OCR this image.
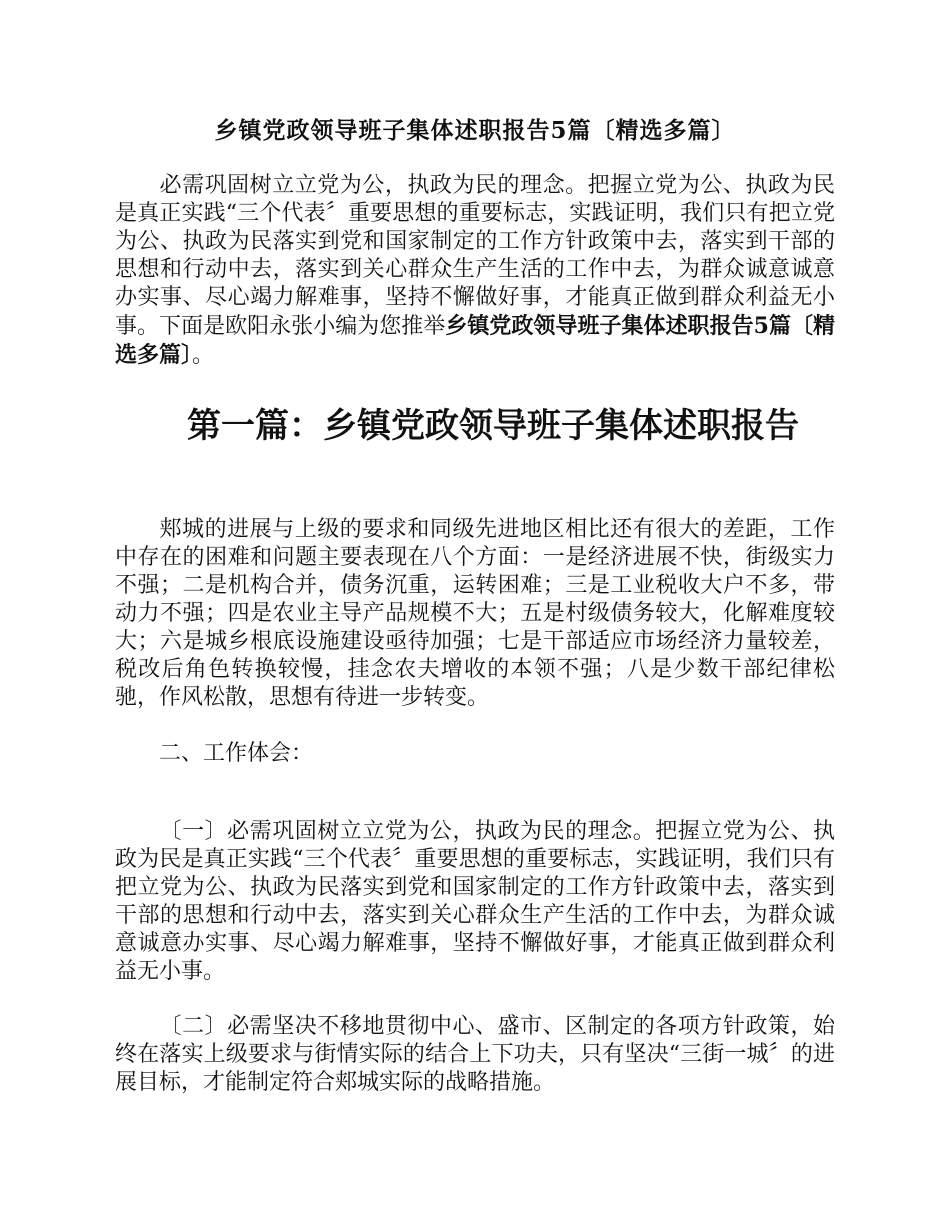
乡镇党政领导班子集体述职报告5篇〔精选多篇〕

必需巩固树立立党为公，执政为民的理念。把握立党为公、执政为民是真正实践“三个代表〞重要思想的重要标志，实践证明，我们只有把立党为公、执政为民落实到党和国家制定的工作方针政策中去，落实到干部的思想和行动中去，落实到关心群众生产生活的工作中去，为群众诚意诚意办实事、尽心竭力解难事，坚持不懈做好事，才能真正做到群众利益无小事。下面是欧阳永张小编为您推举乡镇党政领导班子集体述职报告5篇〔精选多篇〕。

第一篇：乡镇党政领导班子集体述职报告

郏城的进展与上级的要求和同级先进地区相比还有很大的差距，工作中存在的困难和问题主要表现在八个方面：一是经济进展不快，街级实力不强；二是机构合并，债务沉重，运转困难；三是工业税收大户不多，带动力不强；四是农业主导产品规模不大；五是村级债务较大，化解难度较大；六是城乡根底设施建设亟待加强；七是干部适应市场经济力量较差，税改后角色转换较慢，挂念农夫增收的本领不强；八是少数干部纪律松驰，作风松散，思想有待进一步转变。

二、工作体会：

〔一〕必需巩固树立立党为公，执政为民的理念。把握立党为公、执政为民是真正实践“三个代表〞重要思想的重要标志，实践证明，我们只有把立党为公、执政为民落实到党和国家制定的工作方针政策中去，落实到干部的思想和行动中去，落实到关心群众生产生活的工作中去，为群众诚意诚意办实事、尽心竭力解难事，坚持不懈做好事，才能真正做到群众利益无小事。

〔二〕必需坚决不移地贯彻中心、盛市、区制定的各项方针政策，始终在落实上级要求与街情实际的结合上下功夫，只有坚决“三街一城〞的进展目标，才能制定符合郏城实际的战略措施。
